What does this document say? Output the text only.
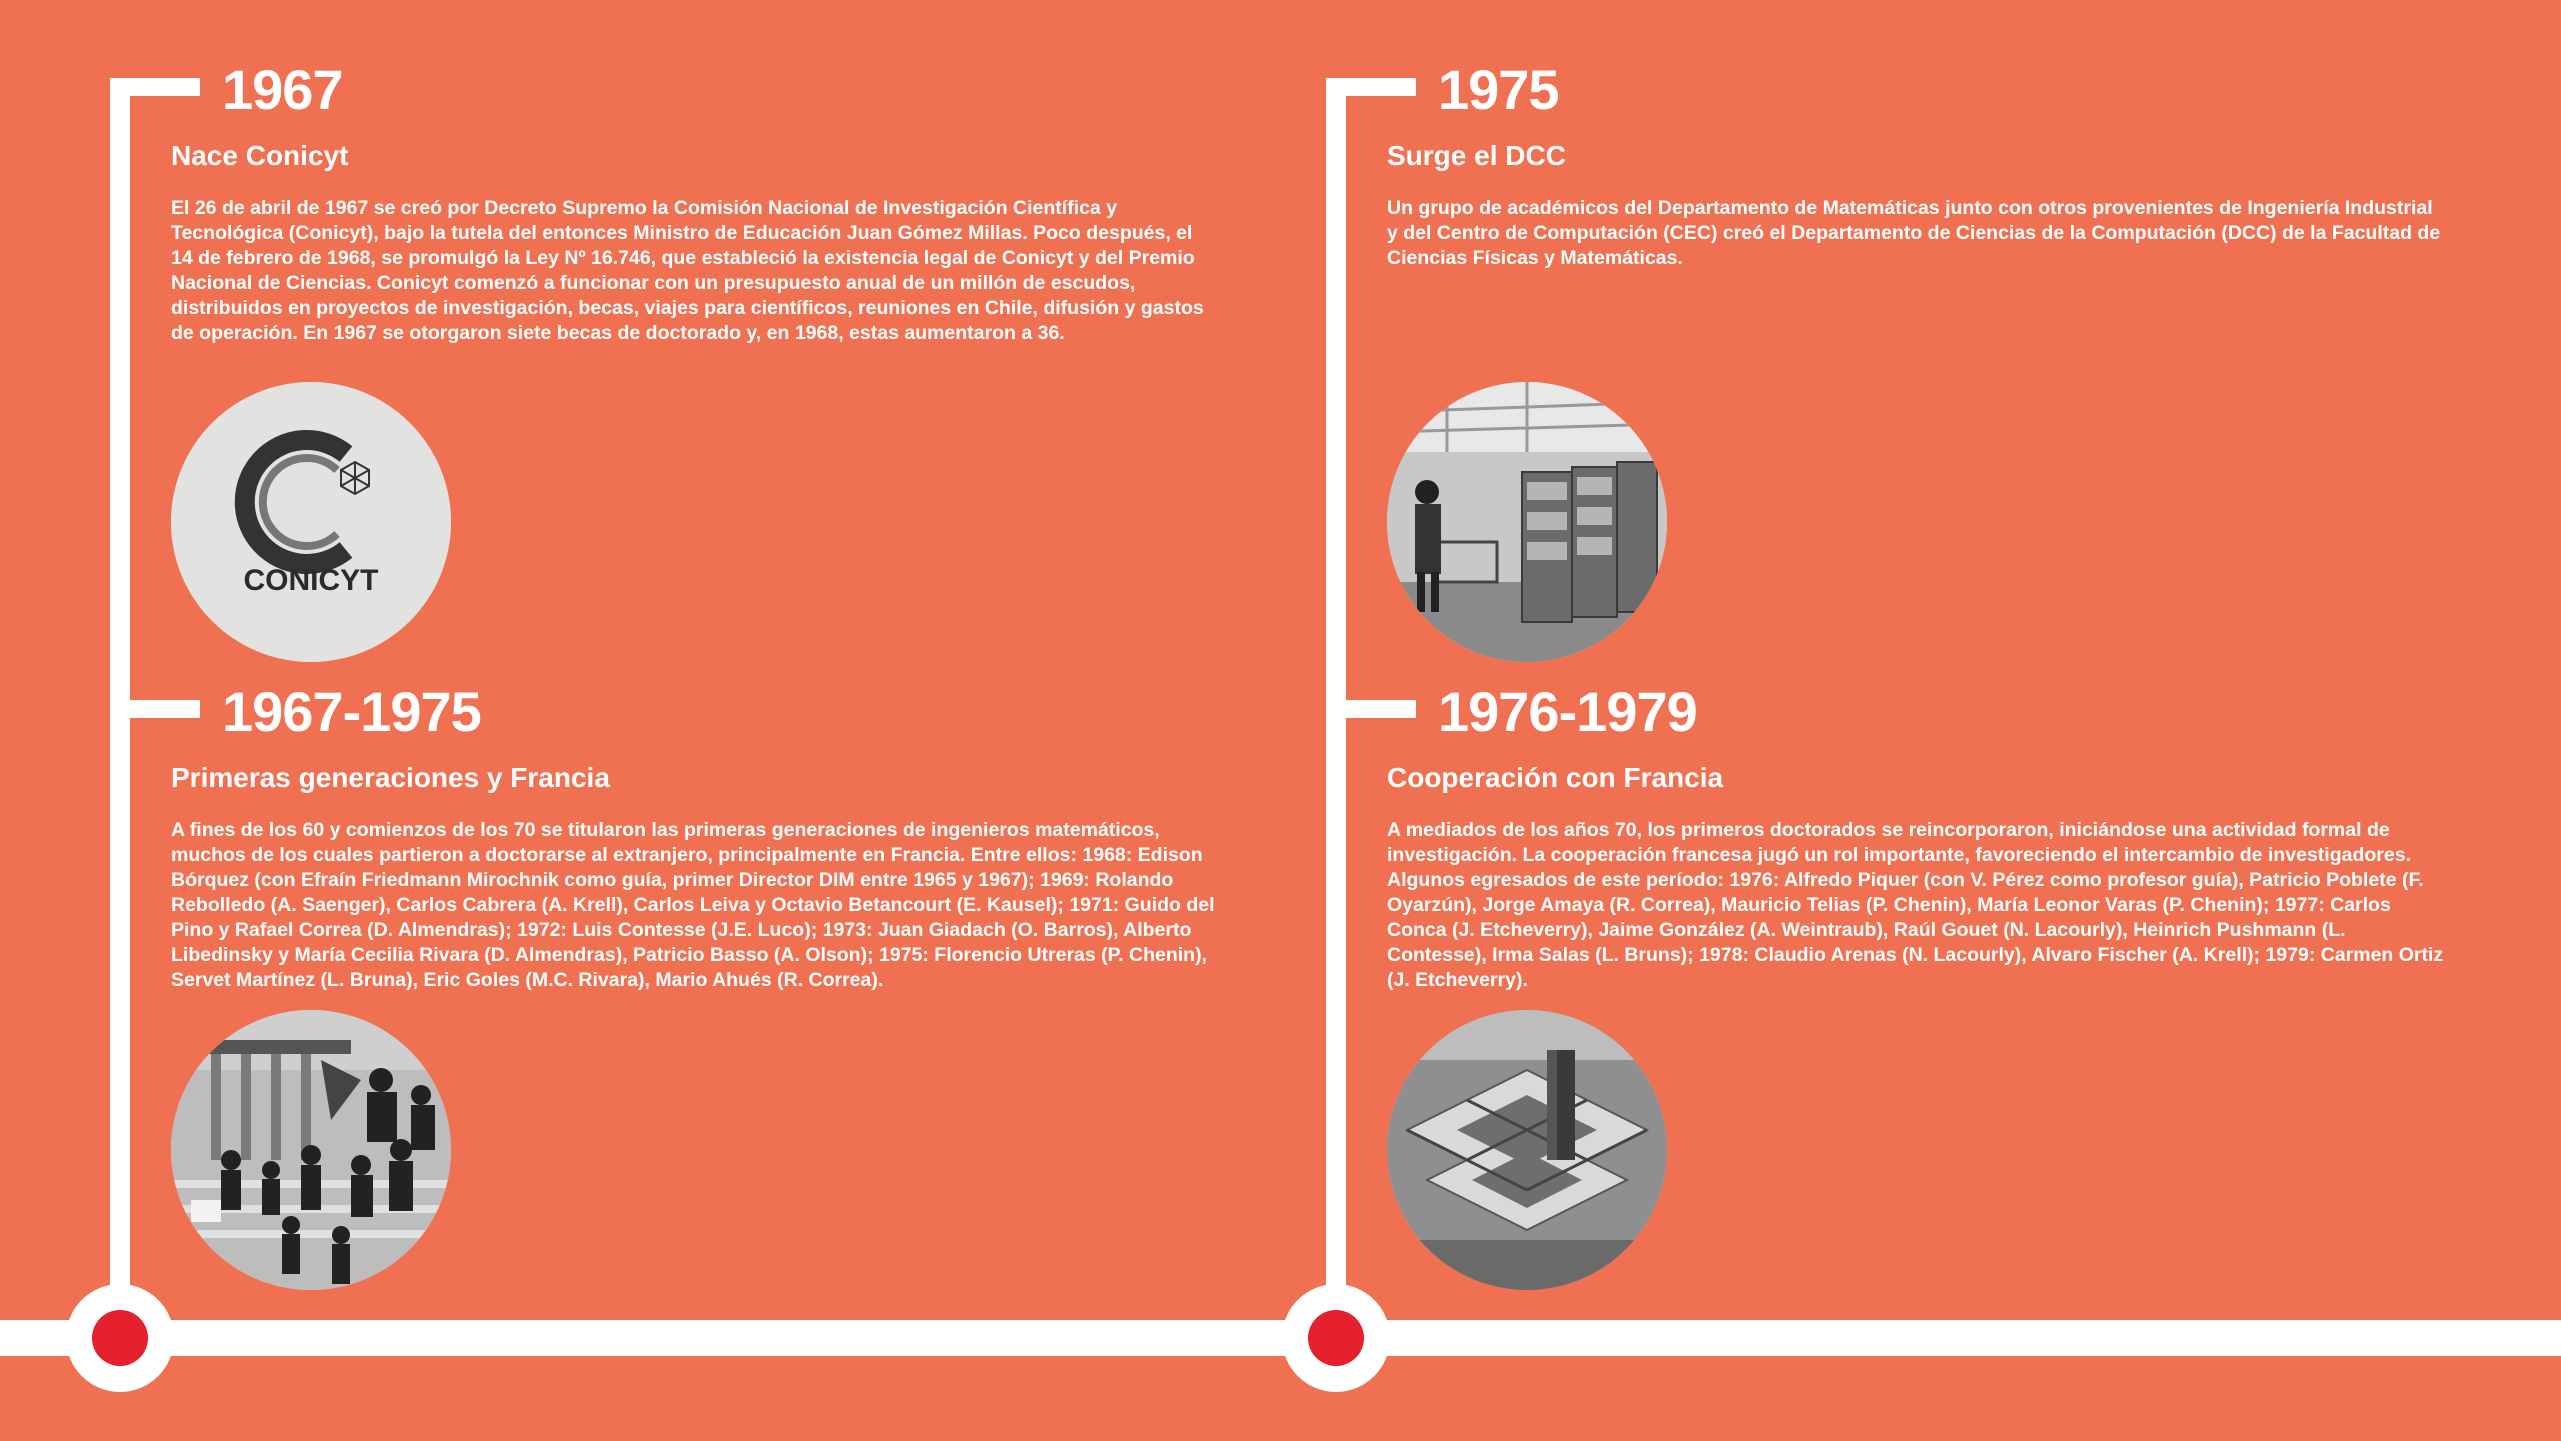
1967
Nace Conicyt

El 26 de abril de 1967 se creó por Decreto Supremo la Comisión Nacional de Investigación Científica y Tecnológica (Conicyt), bajo la tutela del entonces Ministro de Educación Juan Gómez Millas. Poco después, el 14 de febrero de 1968, se promulgó la Ley Nº 16.746, que estableció la existencia legal de Conicyt y del Premio Nacional de Ciencias. Conicyt comenzó a funcionar con un presupuesto anual de un millón de escudos, distribuidos en proyectos de investigación, becas, viajes para científicos, reuniones en Chile, difusión y gastos de operación. En 1967 se otorgaron siete becas de doctorado y, en 1968, estas aumentaron a 36.

CONICYT
1967-1975
Primeras generaciones y Francia

A fines de los 60 y comienzos de los 70 se titularon las primeras generaciones de ingenieros matemáticos, muchos de los cuales partieron a doctorarse al extranjero, principalmente en Francia. Entre ellos: 1968: Edison Bórquez (con Efraín Friedmann Mirochnik como guía, primer Director DIM entre 1965 y 1967); 1969: Rolando Rebolledo (A. Saenger), Carlos Cabrera (A. Krell), Carlos Leiva y Octavio Betancourt (E. Kausel); 1971: Guido del Pino y Rafael Correa (D. Almendras); 1972: Luis Contesse (J.E. Luco); 1973: Juan Giadach (O. Barros), Alberto Libedinsky y María Cecilia Rivara (D. Almendras), Patricio Basso (A. Olson); 1975: Florencio Utreras (P. Chenin), Servet Martínez (L. Bruna), Eric Goles (M.C. Rivara), Mario Ahués (R. Correa).

1975
Surge el DCC

Un grupo de académicos del Departamento de Matemáticas junto con otros provenientes de Ingeniería Industrial y del Centro de Computación (CEC) creó el Departamento de Ciencias de la Computación (DCC) de la Facultad de Ciencias Físicas y Matemáticas.

1976-1979
Cooperación con Francia

A mediados de los años 70, los primeros doctorados se reincorporaron, iniciándose una actividad formal de investigación. La cooperación francesa jugó un rol importante, favoreciendo el intercambio de investigadores. Algunos egresados de este período: 1976: Alfredo Piquer (con V. Pérez como profesor guía), Patricio Poblete (F. Oyarzún), Jorge Amaya (R. Correa), Mauricio Telias (P. Chenin), María Leonor Varas (P. Chenin); 1977: Carlos Conca (J. Etcheverry), Jaime González (A. Weintraub), Raúl Gouet (N. Lacourly), Heinrich Pushmann (L. Contesse), Irma Salas (L. Bruns); 1978: Claudio Arenas (N. Lacourly), Alvaro Fischer (A. Krell); 1979: Carmen Ortiz (J. Etcheverry).
